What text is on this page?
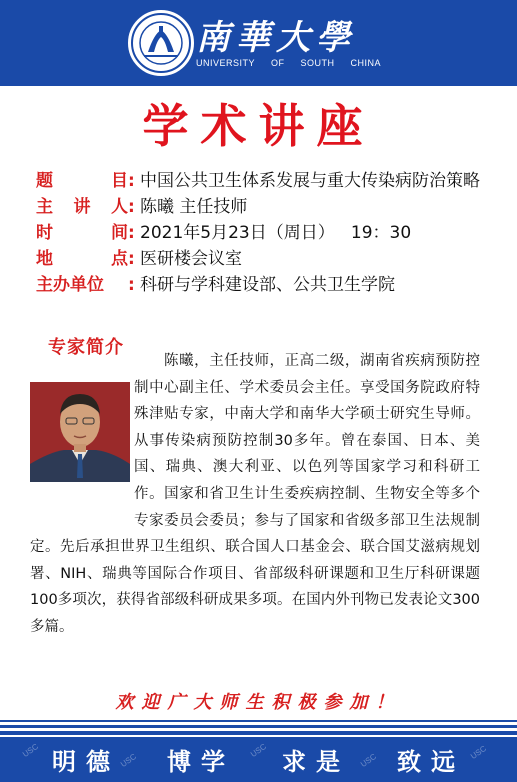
南華大學
UNIVERSITY OF SOUTH CHINA
学术讲座
题	目 : 中国公共卫生体系发展与重大传染病防治策略
主 讲 人 : 陈曦 主任技师
时	间 : 2021年5月23日（周日）   19：30
地	点 : 医研楼会议室
主办单位 : 科研与学科建设部、公共卫生学院
专家简介

陈曦，主任技师，正高二级，湖南省疾病预防控制中心副主任、学术委员会主任。享受国务院政府特殊津贴专家，中南大学和南华大学硕士研究生导师。从事传染病预防控制30多年。曾在泰国、日本、美国、瑞典、澳大利亚、以色列等国家学习和科研工作。国家和省卫生计生委疾病控制、生物安全等多个专家委员会委员；参与了国家和省级多部卫生法规制定。先后承担世界卫生组织、联合国人口基金会、联合国艾滋病规划署、NIH、瑞典等国际合作项目、省部级科研课题和卫生厅科研课题100多项次，获得省部级科研成果多项。在国内外刊物已发表论文300多篇。

欢迎广大师生积极参加！
USC
USC
USC
USC	USC
明德 博学 求是 致远
